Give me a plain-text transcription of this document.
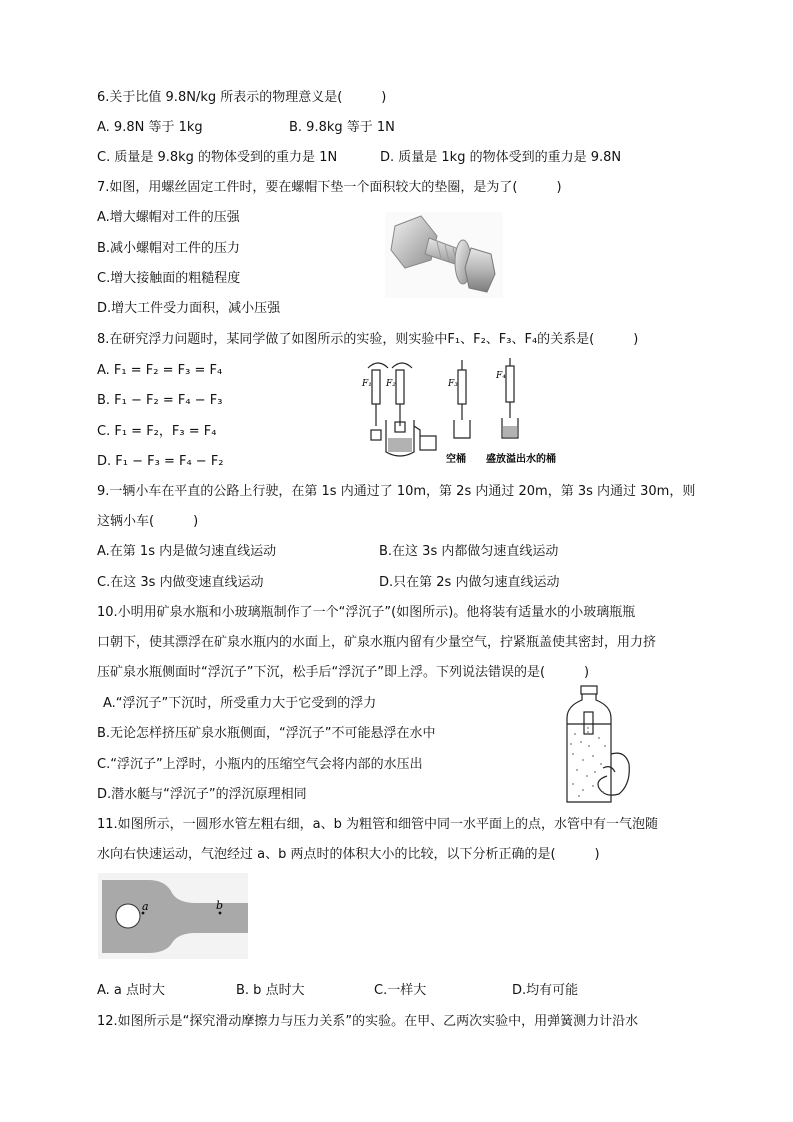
6.关于比值 9.8N/kg 所表示的物理意义是(　　　)
A. 9.8N 等于 1kg	B. 9.8kg 等于 1N
C. 质量是 9.8kg 的物体受到的重力是 1N	D. 质量是 1kg 的物体受到的重力是 9.8N
7.如图，用螺丝固定工件时，要在螺帽下垫一个面积较大的垫圈，是为了(　　　)
A.增大螺帽对工件的压强
B.减小螺帽对工件的压力
C.增大接触面的粗糙程度
D.增大工件受力面积，减小压强
8.在研究浮力问题时，某同学做了如图所示的实验，则实验中F₁、F₂、F₃、F₄的关系是(　　　)
A. F₁ = F₂ = F₃ = F₄
B. F₁ − F₂ = F₄ − F₃
C. F₁ = F₂，F₃ = F₄
D. F₁ − F₃ = F₄ − F₂
F₁ F₂	F₃
F₄
空桶 盛放溢出水的桶
9.一辆小车在平直的公路上行驶，在第 1s 内通过了 10m，第 2s 内通过 20m，第 3s 内通过 30m，则
这辆小车(　　　)
A.在第 1s 内是做匀速直线运动	B.在这 3s 内都做匀速直线运动
C.在这 3s 内做变速直线运动	D.只在第 2s 内做匀速直线运动
10.小明用矿泉水瓶和小玻璃瓶制作了一个“浮沉子”(如图所示)。他将装有适量水的小玻璃瓶瓶
口朝下，使其漂浮在矿泉水瓶内的水面上，矿泉水瓶内留有少量空气，拧紧瓶盖使其密封，用力挤
压矿泉水瓶侧面时“浮沉子”下沉，松手后“浮沉子”即上浮。下列说法错误的是(　　　)
A.“浮沉子”下沉时，所受重力大于它受到的浮力
B.无论怎样挤压矿泉水瓶侧面，“浮沉子”不可能悬浮在水中
C.“浮沉子”上浮时，小瓶内的压缩空气会将内部的水压出
D.潜水艇与“浮沉子”的浮沉原理相同
11.如图所示，一圆形水管左粗右细，a、b 为粗管和细管中同一水平面上的点，水管中有一气泡随
水向右快速运动，气泡经过 a、b 两点时的体积大小的比较，以下分析正确的是(　　　)
a	b
A. a 点时大	B. b 点时大	C.一样大	D.均有可能
12.如图所示是“探究滑动摩擦力与压力关系”的实验。在甲、乙两次实验中，用弹簧测力计沿水
